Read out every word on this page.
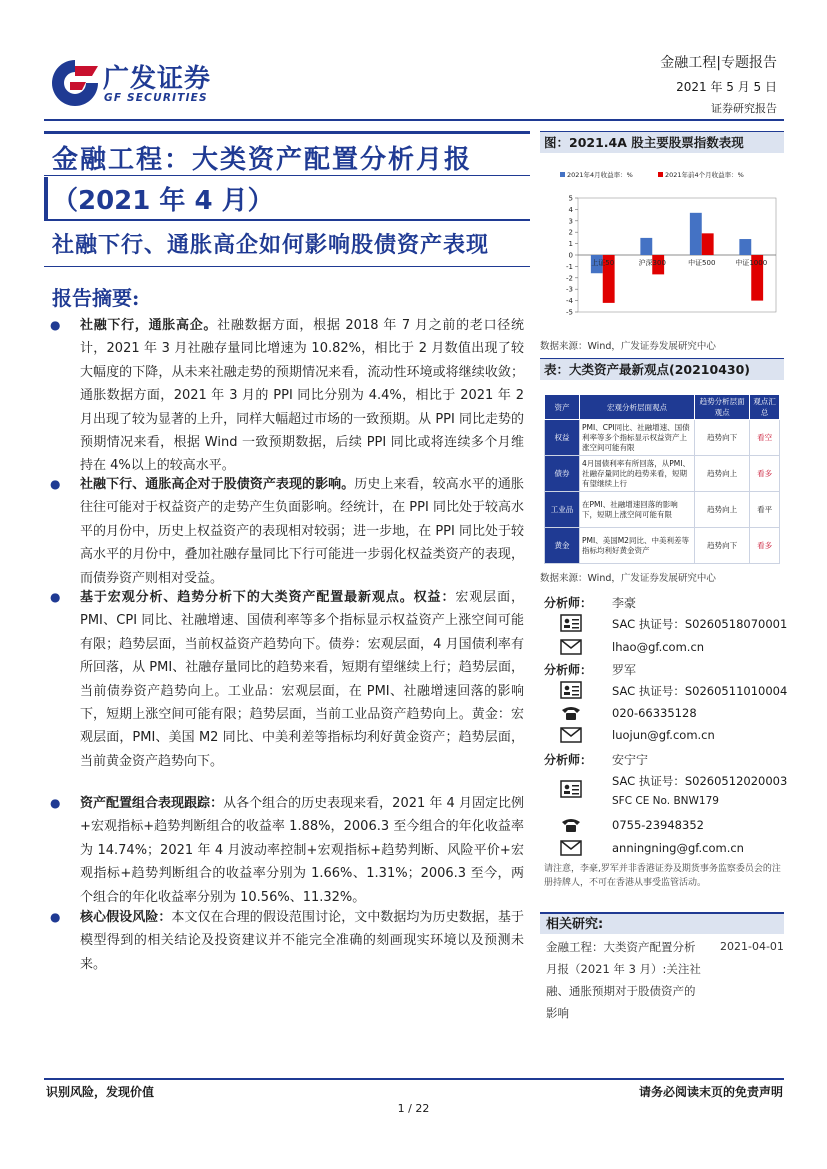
广发证券
GF SECURITIES
金融工程|专题报告
2021 年 5 月 5 日
证券研究报告
金融工程：大类资产配置分析月报
（2021 年 4 月）
社融下行、通胀高企如何影响股债资产表现
报告摘要:
● 社融下行，通胀高企。社融数据方面，根据 2018 年 7 月之前的老口径统计，2021 年 3 月社融存量同比增速为 10.82%，相比于 2 月数值出现了较大幅度的下降，从未来社融走势的预期情况来看，流动性环境或将继续收敛；通胀数据方面，2021 年 3 月的 PPI 同比分别为 4.4%，相比于 2021 年 2 月出现了较为显著的上升，同样大幅超过市场的一致预期。从 PPI 同比走势的预期情况来看，根据 Wind 一致预期数据，后续 PPI 同比或将连续多个月维持在 4%以上的较高水平。
● 社融下行、通胀高企对于股债资产表现的影响。历史上来看，较高水平的通胀往往可能对于权益资产的走势产生负面影响。经统计，在 PPI 同比处于较高水平的月份中，历史上权益资产的表现相对较弱；进一步地，在 PPI 同比处于较高水平的月份中，叠加社融存量同比下行可能进一步弱化权益类资产的表现，而债券资产则相对受益。
● 基于宏观分析、趋势分析下的大类资产配置最新观点。权益：宏观层面，PMI、CPI 同比、社融增速、国债利率等多个指标显示权益资产上涨空间可能有限；趋势层面，当前权益资产趋势向下。债券：宏观层面，4 月国债利率有所回落，从 PMI、社融存量同比的趋势来看，短期有望继续上行；趋势层面，当前债券资产趋势向上。工业品：宏观层面，在 PMI、社融增速回落的影响下，短期上涨空间可能有限；趋势层面，当前工业品资产趋势向上。黄金：宏观层面，PMI、美国 M2 同比、中美利差等指标均利好黄金资产；趋势层面，当前黄金资产趋势向下。
● 资产配置组合表现跟踪：从各个组合的历史表现来看，2021 年 4 月固定比例+宏观指标+趋势判断组合的收益率 1.88%，2006.3 至今组合的年化收益率为 14.74%；2021 年 4 月波动率控制+宏观指标+趋势判断、风险平价+宏观指标+趋势判断组合的收益率分别为 1.66%、1.31%；2006.3 至今，两个组合的年化收益率分别为 10.56%、11.32%。
● 核心假设风险：本文仅在合理的假设范围讨论，文中数据均为历史数据，基于模型得到的相关结论及投资建议并不能完全准确的刻画现实环境以及预测未来。
图：2021.4A 股主要股票指数表现
2021年4月收益率：%	2021年前4个月收益率：%
5
4
3
2
1
0
-1
-2
-3
-4
-5
上证50	沪深300	中证500	中证1000
数据来源：Wind，广发证券发展研究中心
表：大类资产最新观点(20210430)
资产	宏观分析层面观点	趋势分析层面观点	观点汇总
权益	PMI、CPI同比、社融增速、国债利率等多个指标显示权益资产上涨空间可能有限	趋势向下	看空
债券	4月国债利率有所回落，从PMI、社融存量同比的趋势来看，短期有望继续上行	趋势向上	看多
工业品	在PMI、社融增速回落的影响下，短期上涨空间可能有限	趋势向上	看平
黄金	PMI、美国M2同比、中美利差等指标均利好黄金资产	趋势向下	看多
数据来源：Wind，广发证券发展研究中心
分析师： 李豪
SAC 执证号：S0260518070001
lhao@gf.com.cn
分析师： 罗军
SAC 执证号：S0260511010004
020-66335128
luojun@gf.com.cn
分析师： 安宁宁
SAC 执证号：S0260512020003
SFC CE No. BNW179
0755-23948352
anningning@gf.com.cn
请注意，李豪,罗军并非香港证券及期货事务监察委员会的注册持牌人，不可在香港从事受监管活动。
相关研究:
金融工程：大类资产配置分析月报（2021 年 3 月）:关注社融、通胀预期对于股债资产的影响
2021-04-01
识别风险，发现价值	请务必阅读末页的免责声明
1 / 22
